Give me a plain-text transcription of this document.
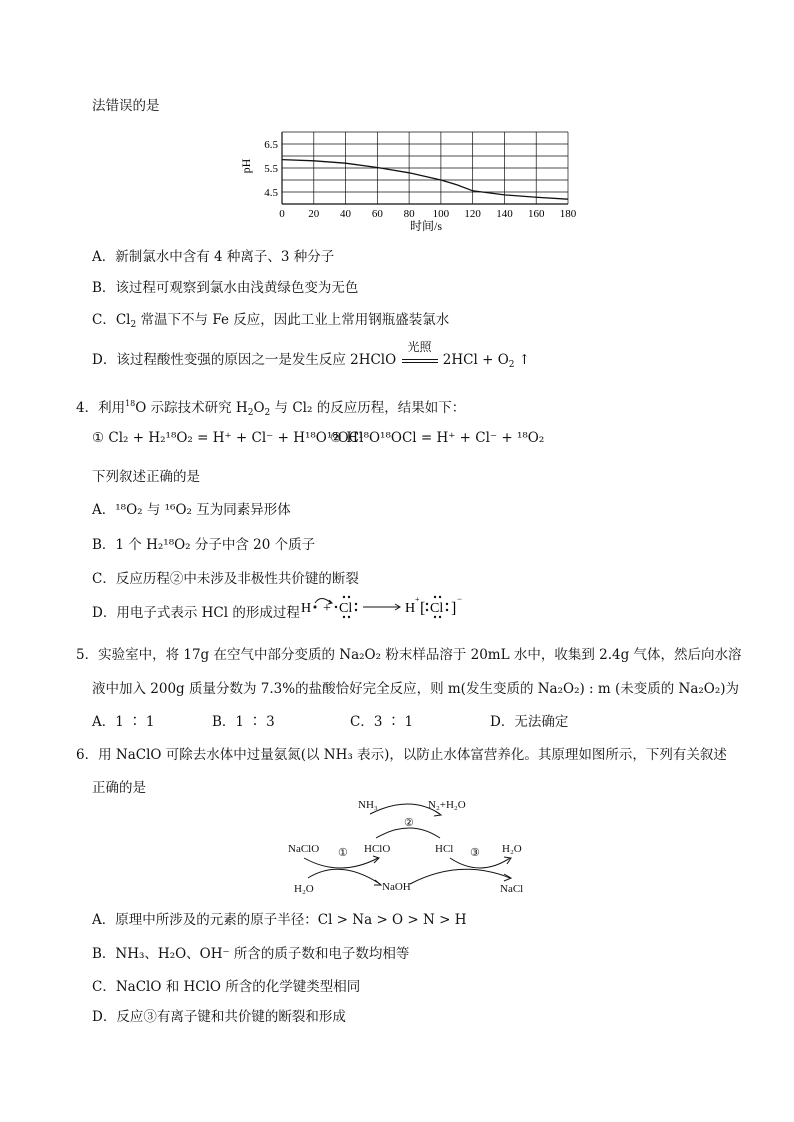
法错误的是
0 20 40 60 80 100 120 140 160 180
6.5
5.5
4.5
pH
时间/s
A．新制氯水中含有 4 种离子、3 种分子
B．该过程可观察到氯水由浅黄绿色变为无色
C．$Cl_2$ 常温下不与 Fe 反应，因此工业上常用钢瓶盛装氯水
D．该过程酸性变强的原因之一是发生反应 2HClO
光照
$2HCl + O_2$ ↑
4．利用$^{18}$O 示踪技术研究 $H_2O_2$ 与 Cl₂ 的反应历程，结果如下：
① Cl₂ + H₂¹⁸O₂ = H⁺ + Cl⁻ + H¹⁸O¹⁸OCl
② H¹⁸O¹⁸OCl = H⁺ + Cl⁻ + ¹⁸O₂
下列叙述正确的是
A．¹⁸O₂ 与 ¹⁶O₂ 互为同素异形体
B．1 个 H₂¹⁸O₂ 分子中含 20 个质子
C．反应历程②中未涉及非极性共价键的断裂
D．用电子式表示 HCl 的形成过程 H + Cl	H
+
[ Cl ]
−
5．实验室中，将 17g 在空气中部分变质的 Na₂O₂ 粉末样品溶于 20mL 水中，收集到 2.4g 气体，然后向水溶
液中加入 200g 质量分数为 7.3%的盐酸恰好完全反应，则 m(发生变质的 Na₂O₂) : m (未变质的 Na₂O₂)为
A．1 ∶ 1	B．1 ∶ 3	C．3 ∶ 1	D．无法确定
6．用 NaClO 可除去水体中过量氨氮(以 NH₃ 表示)，以防止水体富营养化。其原理如图所示，下列有关叙述
正确的是
NH₃	N₂+H₂O
②
NaClO ① HClO	HCl ③ H₂O
H₂O	NaOH	NaCl
A．原理中所涉及的元素的原子半径：Cl > Na > O > N > H
B．NH₃、H₂O、OH⁻ 所含的质子数和电子数均相等
C．NaClO 和 HClO 所含的化学键类型相同
D．反应③有离子键和共价键的断裂和形成
